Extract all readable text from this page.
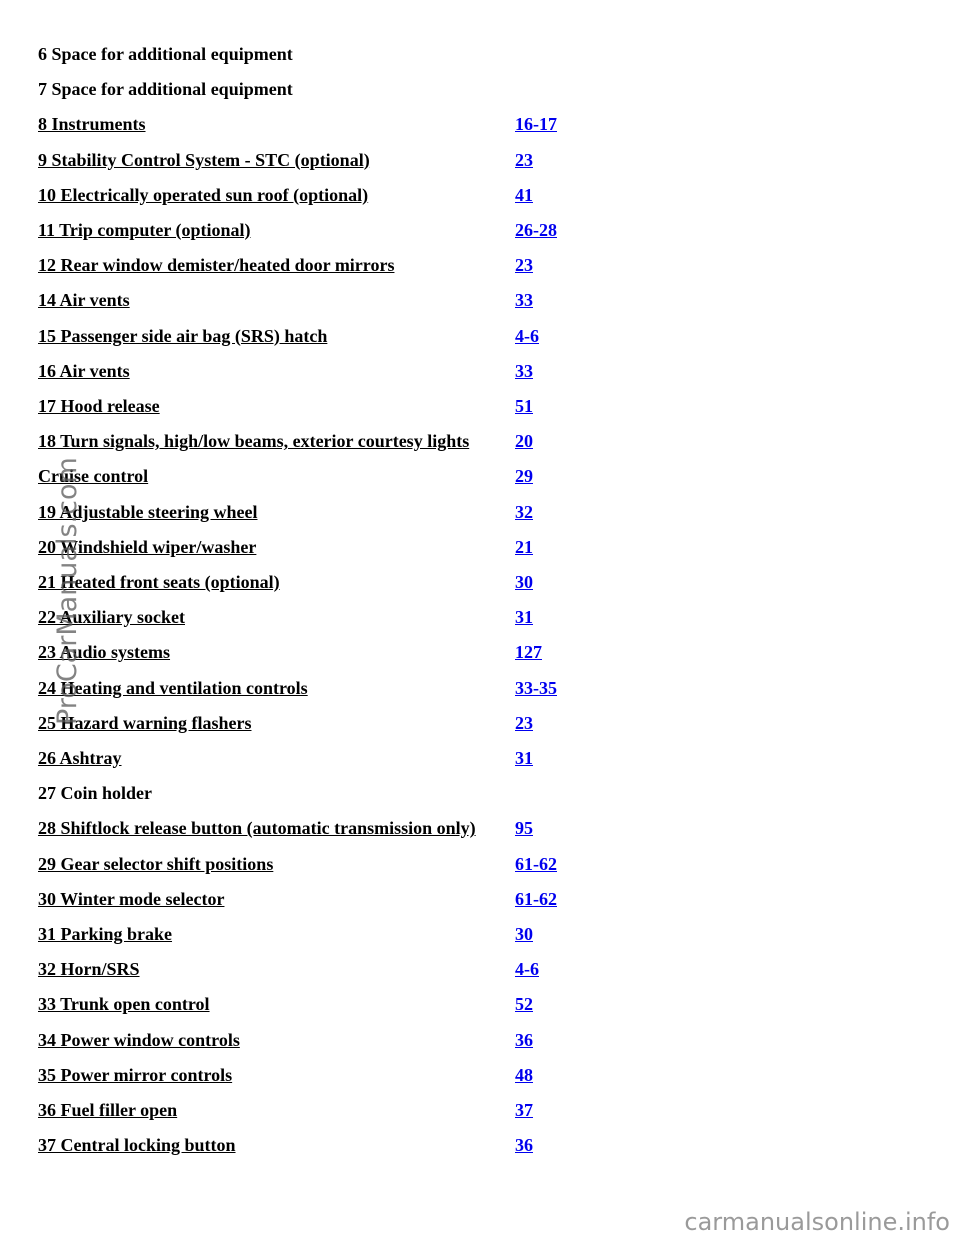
6 Space for additional equipment
7 Space for additional equipment
8 Instruments	16-17
9 Stability Control System - STC (optional)	23
10 Electrically operated sun roof (optional)	41
11 Trip computer (optional)	26-28
12 Rear window demister/heated door mirrors	23
14 Air vents	33
15 Passenger side air bag (SRS) hatch	4-6
16 Air vents	33
17 Hood release	51
18 Turn signals, high/low beams, exterior courtesy lights	20
Cruise control	29
19 Adjustable steering wheel	32
20 Windshield wiper/washer	21
21 Heated front seats (optional)	30
22 Auxiliary socket	31
23 Audio systems	127
24 Heating and ventilation controls	33-35
25 Hazard warning flashers	23
26 Ashtray	31
27 Coin holder
28 Shiftlock release button (automatic transmission only) 95
29 Gear selector shift positions	61-62
30 Winter mode selector	61-62
31 Parking brake	30
32 Horn/SRS	4-6
33 Trunk open control	52
34 Power window controls	36
35 Power mirror controls	48
36 Fuel filler open	37
37 Central locking button	36
ProCarManuals.com
carmanualsonline.info
